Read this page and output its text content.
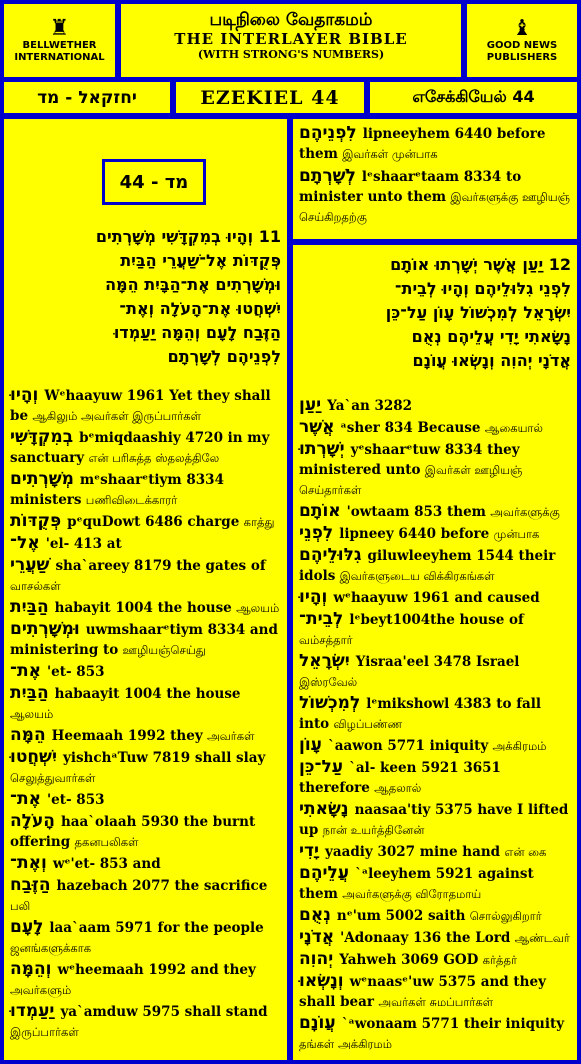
♜
BELLWETHER INTERNATIONAL
படிநிலை வேதாகமம்
THE INTERLAYER BIBLE
(WITH STRONG'S NUMBERS)
♝
GOOD NEWS PUBLISHERS
יחזקאל - מד	EZEKIEL 44	எசேக்கியேல் 44
מד - 44
11 וְהָיוּ בְמִקְדָּשִׁי מְשָׁרְתִים
פְּקֻדּוֹת אֶל־שַׁעֲרֵי הַבַּיִת
וּמְשָׁרְתִים אֶת־הַבָּיִת הֵמָּה
יִשְׁחֲטוּ אֶת־הָעֹלָה וְאֶת־
הַזֶּבַח לָעָם וְהֵמָּה יַעַמְדוּ
לִפְנֵיהֶם לְשָׁרְתָם
וְהָיוּ Wᵉhaayuw 1961 Yet they shall be ஆகிலும் அவர்கள் இருப்பார்கள்
בְמִקְדָּשִׁי bᵉmiqdaashiy 4720 in my sanctuary என் பரிசுத்த ஸ்தலத்திலே
מְשָׁרְתִים mᵉshaarᵉtiym 8334 ministers பணிவிடைக்காரர்
פְּקֻדּוֹת pᵉquDowt 6486 charge காத்து
אֶל־ 'el- 413 at
שַׁעֲרֵי sha`areey 8179 the gates of வாசல்கள்
הַבַּיִת habayit 1004 the house ஆலயம்
וּמְשָׁרְתִים uwmshaarᵉtiym 8334 and ministering to ஊழியஞ்செய்து
אֶת־ 'et- 853
הַבַּיִת habaayit 1004 the house ஆலயம்
הֵמָּה Heemaah 1992 they அவர்கள்
יִשְׁחֲטוּ yishchᵃTuw 7819 shall slay செலுத்துவார்கள்
אֶת־ 'et- 853
הָעֹלָה haa`olaah 5930 the burnt offering தகனபலிகள்
וְאֶת־ wᵉ'et- 853 and
הַזֶּבַח hazebach 2077 the sacrifice பலி
לָעָם laa`aam 5971 for the people ஜனங்களுக்காக
וְהֵמָּה wᵉheemaah 1992 and they அவர்களும்
יַעַמְדוּ ya`amduw 5975 shall stand இருப்பார்கள்
לִפְנֵיהֶם lipneeyhem 6440 before them இவர்கள் முன்பாக
לְשָׁרְתָם lᵉshaarᵉtaam 8334 to minister unto them இவர்களுக்கு ஊழியஞ் செய்கிறதற்கு
12 יַעַן אֲשֶׁר יְשָׁרְתוּ אוֹתָם
לִפְנֵי גִלּוּלֵיהֶם וְהָיוּ לְבֵית־
יִשְׂרָאֵל לְמִכְשׁוֹל עָוֹן עַל־כֵּן
נָשָׂאתִי יָדִי עֲלֵיהֶם נְאֻם
אֲדֹנָי יְהוִה וְנָשְׂאוּ עֲוֹנָם
יַעַן Ya`an 3282
אֲשֶׁר ᵃsher 834 Because ஆகையால்
יְשָׁרְתוּ yᵉshaarᵉtuw 8334 they ministered unto இவர்கள் ஊழியஞ் செய்தார்கள்
אוֹתָם 'owtaam 853 them அவர்களுக்கு
לִפְנֵי lipneey 6440 before முன்பாக
גִלּוּלֵיהֶם giluwleeyhem 1544 their idols இவர்களுடைய விக்கிரகங்கள்
וְהָיוּ wᵉhaayuw 1961 and caused
לְבֵית־ lᵉbeyt1004the house of வம்சத்தார்
יִשְׂרָאֵל Yisraa'eel 3478 Israel இஸ்ரவேல்
לְמִכְשׁוֹל lᵉmikshowl 4383 to fall into விழப்பண்ண
עָוֹן `aawon 5771 iniquity அக்கிரமம்
עַל־כֵּן `al- keen 5921 3651 therefore ஆதலால்
נָשָׂאתִי naasaa'tiy 5375 have I lifted up நான் உயர்த்தினேன்
יָדִי yaadiy 3027 mine hand என் கை
עֲלֵיהֶם `ᵃleeyhem 5921 against them அவர்களுக்கு விரோதமாய்
נְאֻם nᵉ'um 5002 saith சொல்லுகிறார்
אֲדֹנָי 'Adonaay 136 the Lord ஆண்டவர்
יְהוִה Yahweh 3069 GOD கர்த்தர்
וְנָשְׂאוּ wᵉnaasᵉ'uw 5375 and they shall bear அவர்கள் சுமப்பார்கள்
עֲוֹנָם `ᵃwonaam 5771 their iniquity தங்கள் அக்கிரமம்
